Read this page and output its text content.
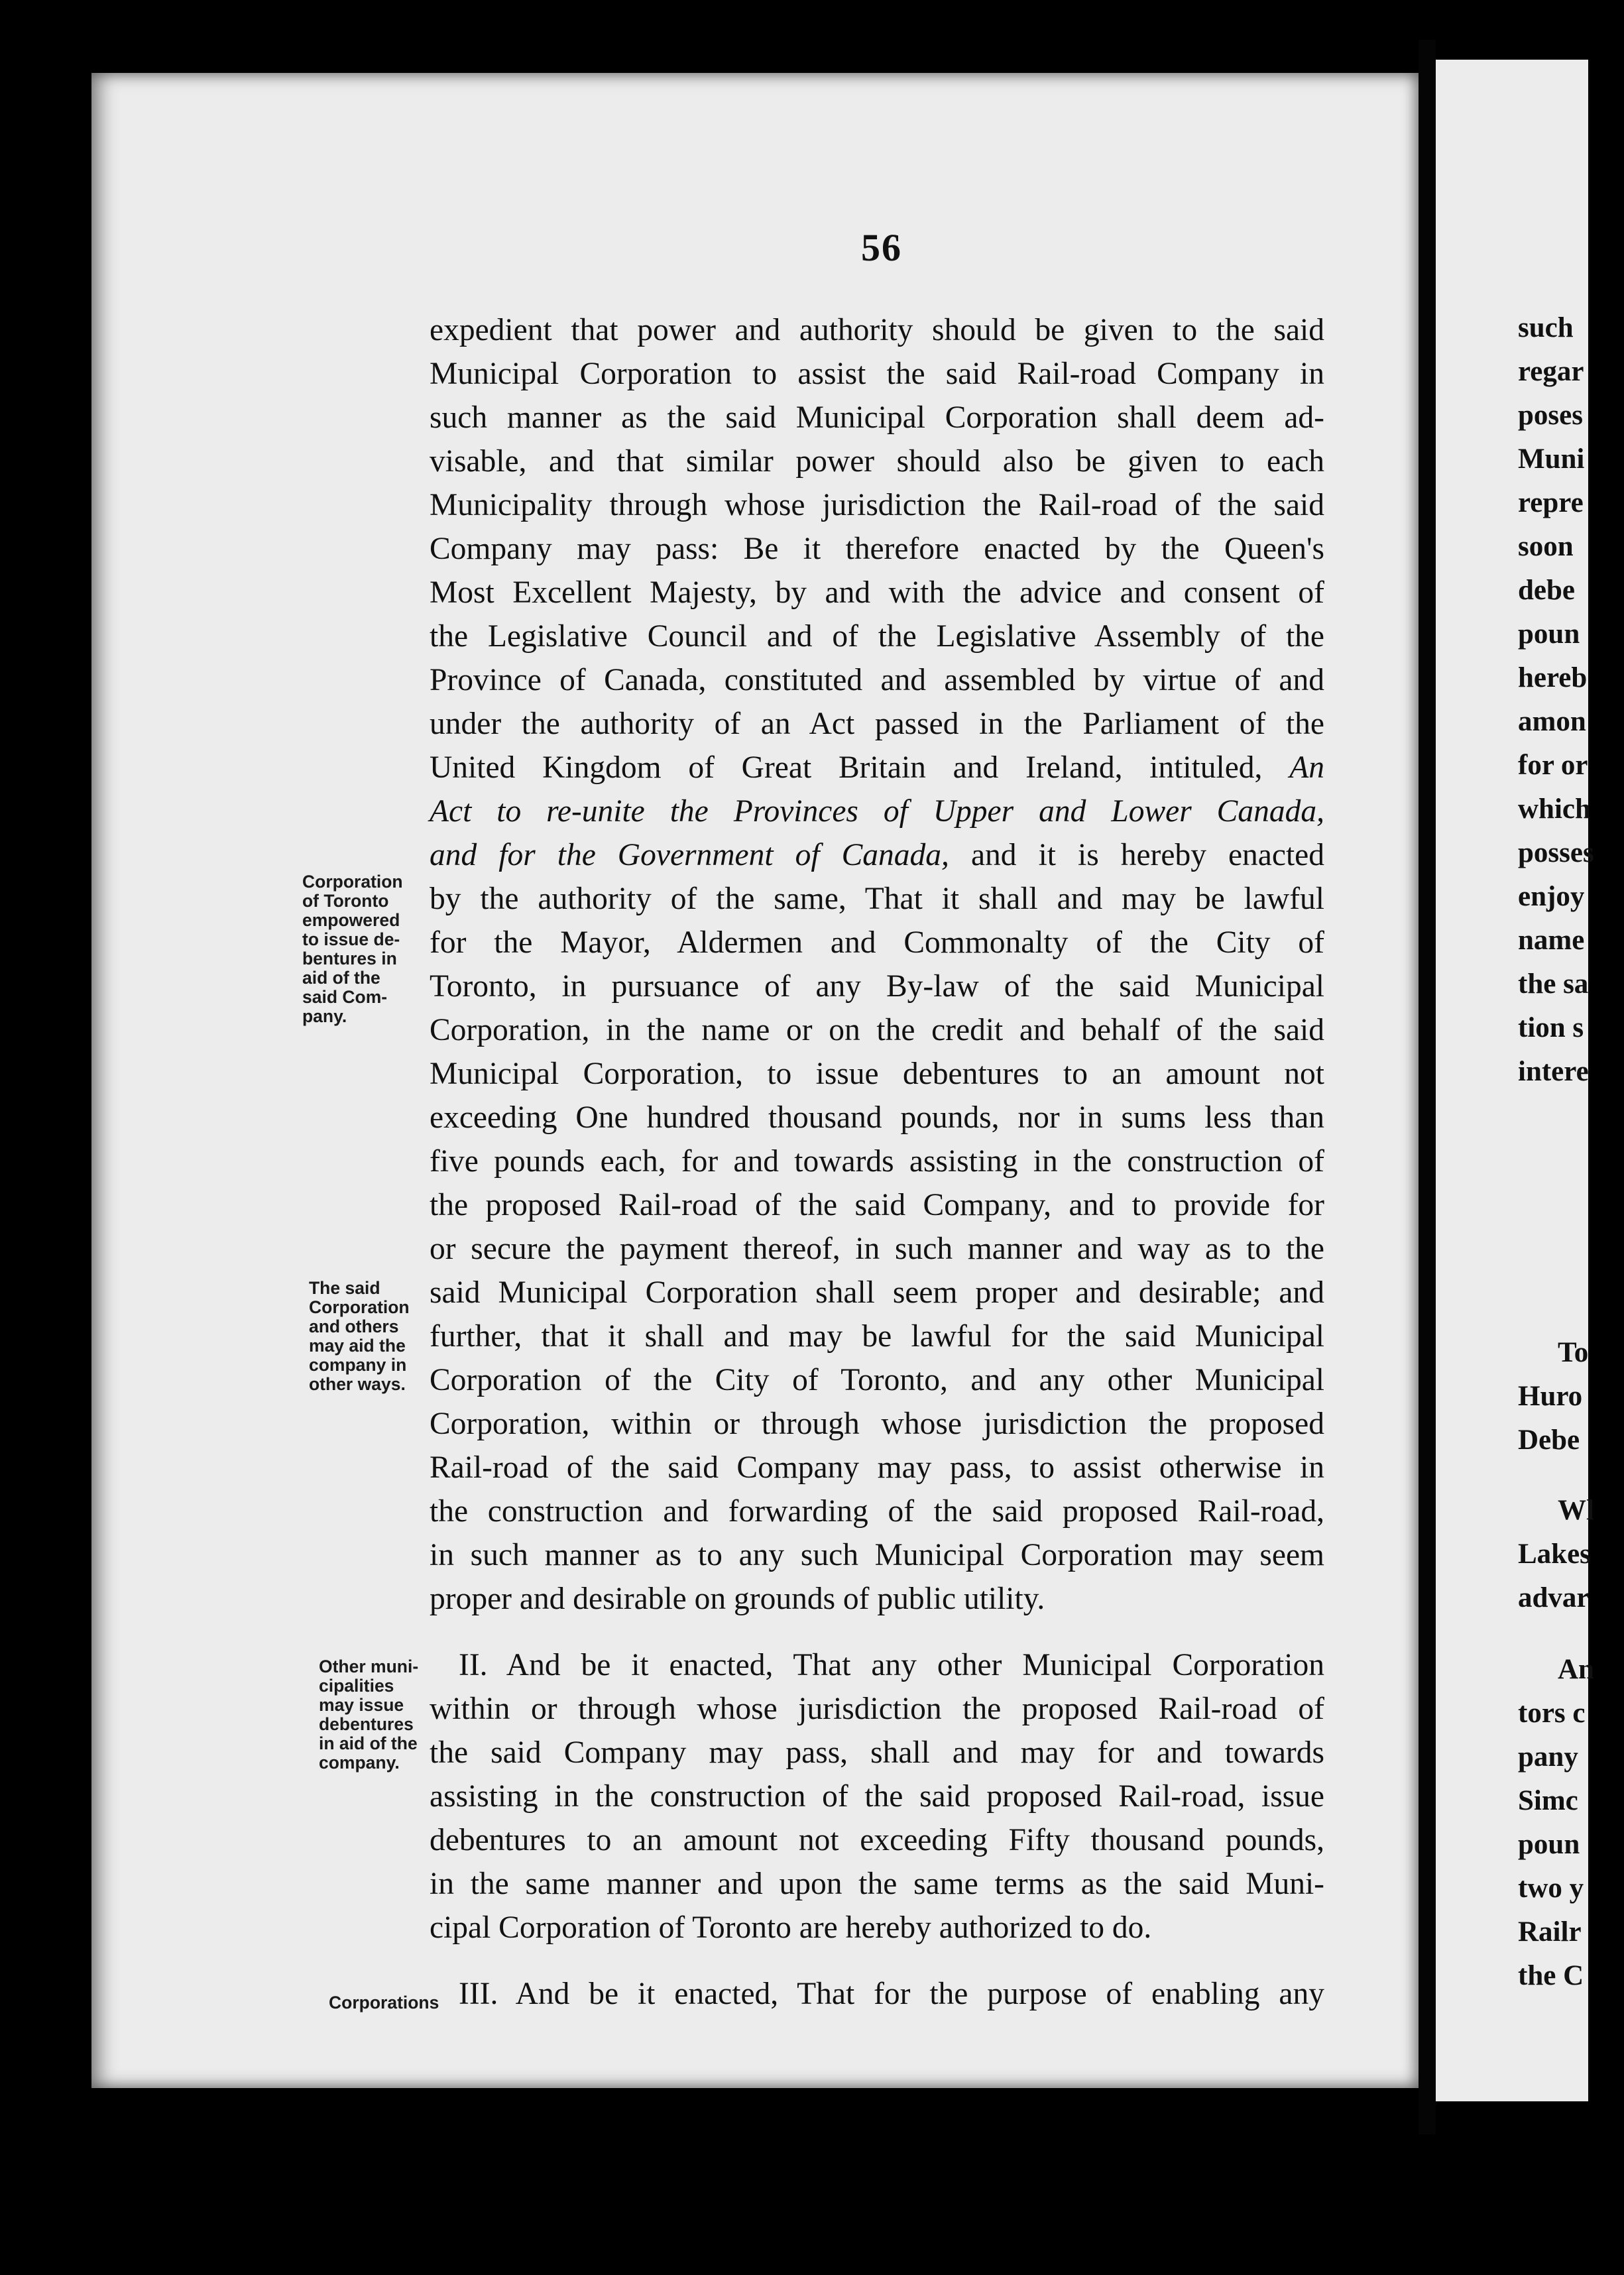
56
expedient that power and authority should be given to the said
Municipal Corporation to assist the said Rail-road Company in
such manner as the said Municipal Corporation shall deem ad-
visable, and that similar power should also be given to each
Municipality through whose jurisdiction the Rail-road of the said
Company may pass: Be it therefore enacted by the Queen's
Most Excellent Majesty, by and with the advice and consent of
the Legislative Council and of the Legislative Assembly of the
Province of Canada, constituted and assembled by virtue of and
under the authority of an Act passed in the Parliament of the
United Kingdom of Great Britain and Ireland, intituled, An
Act to re-unite the Provinces of Upper and Lower Canada,
and for the Government of Canada, and it is hereby enacted
by the authority of the same, That it shall and may be lawful
for the Mayor, Aldermen and Commonalty of the City of
Toronto, in pursuance of any By-law of the said Municipal
Corporation, in the name or on the credit and behalf of the said
Municipal Corporation, to issue debentures to an amount not
exceeding One hundred thousand pounds, nor in sums less than
five pounds each, for and towards assisting in the construction of
the proposed Rail-road of the said Company, and to provide for
or secure the payment thereof, in such manner and way as to the
said Municipal Corporation shall seem proper and desirable; and
further, that it shall and may be lawful for the said Municipal
Corporation of the City of Toronto, and any other Municipal
Corporation, within or through whose jurisdiction the proposed
Rail-road of the said Company may pass, to assist otherwise in
the construction and forwarding of the said proposed Rail-road,
in such manner as to any such Municipal Corporation may seem
proper and desirable on grounds of public utility.
II. And be it enacted, That any other Municipal Corporation
within or through whose jurisdiction the proposed Rail-road of
the said Company may pass, shall and may for and towards
assisting in the construction of the said proposed Rail-road, issue
debentures to an amount not exceeding Fifty thousand pounds,
in the same manner and upon the same terms as the said Muni-
cipal Corporation of Toronto are hereby authorized to do.
III. And be it enacted, That for the purpose of enabling any
Corporation
of Toronto
empowered
to issue de-
bentures in
aid of the
said Com-
pany.
The said
Corporation
and others
may aid the
company in
other ways.
Other muni-
cipalities
may issue
debentures
in aid of the
company.
Corporations
such
regar
poses
Muni
repre
soon
debe
poun
hereb
amon
for or
which
posses
enjoy
name
the sa
tion s
intere
To
Huro
Debe
Wl
Lakes
advar
An
tors c
pany
Simc
poun
two y
Railr
the C
